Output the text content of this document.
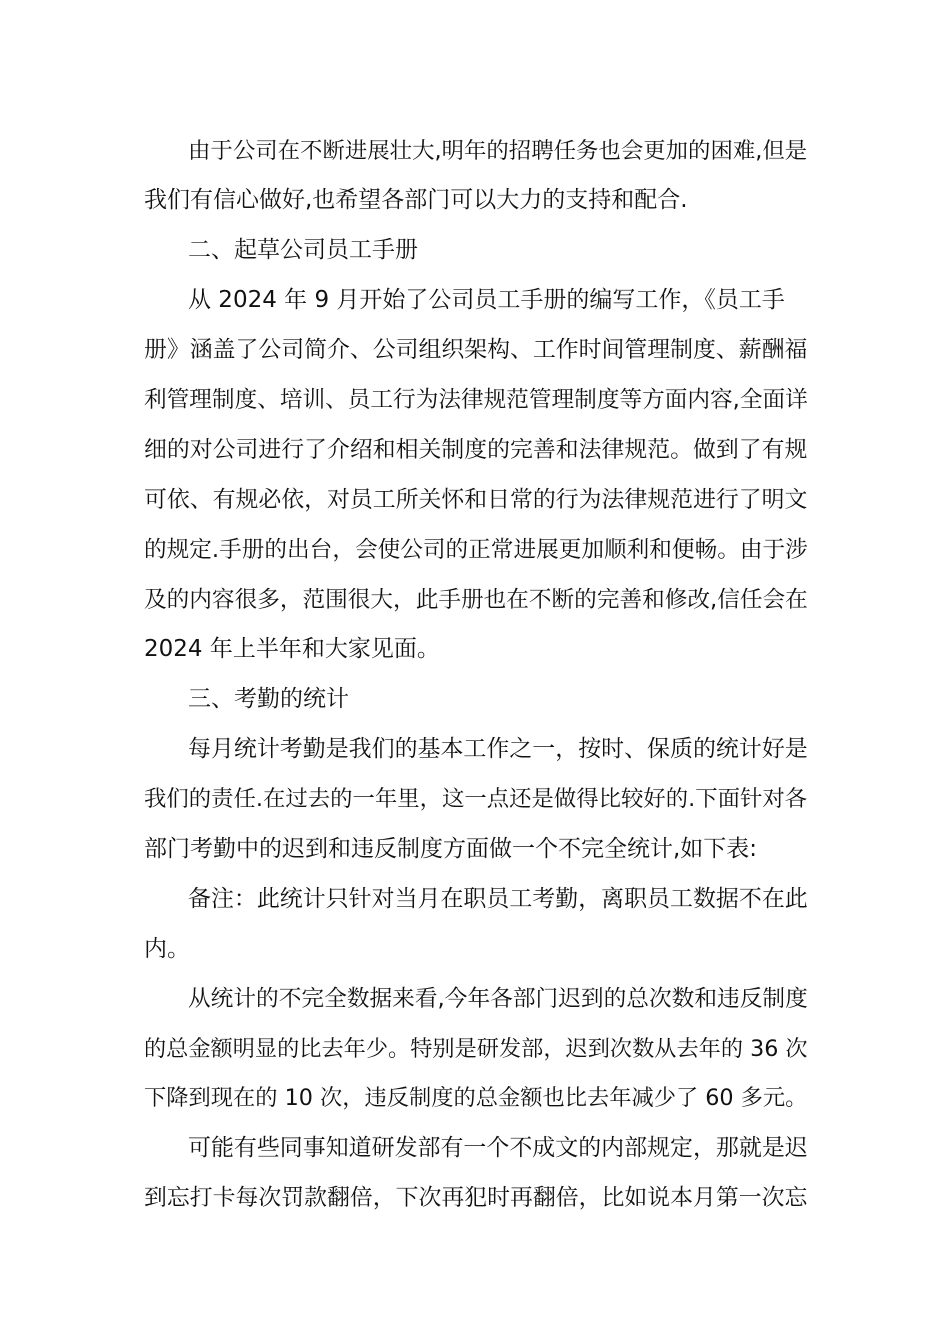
由于公司在不断进展壮大,明年的招聘任务也会更加的困难,但是
我们有信心做好,也希望各部门可以大力的支持和配合.
二、起草公司员工手册
从 2024 年 9 月开始了公司员工手册的编写工作，《员工手
册》涵盖了公司简介、公司组织架构、工作时间管理制度、薪酬福
利管理制度、培训、员工行为法律规范管理制度等方面内容,全面详
细的对公司进行了介绍和相关制度的完善和法律规范。做到了有规
可依、有规必依，对员工所关怀和日常的行为法律规范进行了明文
的规定.手册的出台，会使公司的正常进展更加顺利和便畅。由于涉
及的内容很多，范围很大，此手册也在不断的完善和修改,信任会在
2024 年上半年和大家见面。
三、考勤的统计
每月统计考勤是我们的基本工作之一，按时、保质的统计好是
我们的责任.在过去的一年里，这一点还是做得比较好的.下面针对各
部门考勤中的迟到和违反制度方面做一个不完全统计,如下表:
备注：此统计只针对当月在职员工考勤，离职员工数据不在此
内。
从统计的不完全数据来看,今年各部门迟到的总次数和违反制度
的总金额明显的比去年少。特别是研发部，迟到次数从去年的 36 次
下降到现在的 10 次，违反制度的总金额也比去年减少了 60 多元。
可能有些同事知道研发部有一个不成文的内部规定，那就是迟
到忘打卡每次罚款翻倍，下次再犯时再翻倍，比如说本月第一次忘
